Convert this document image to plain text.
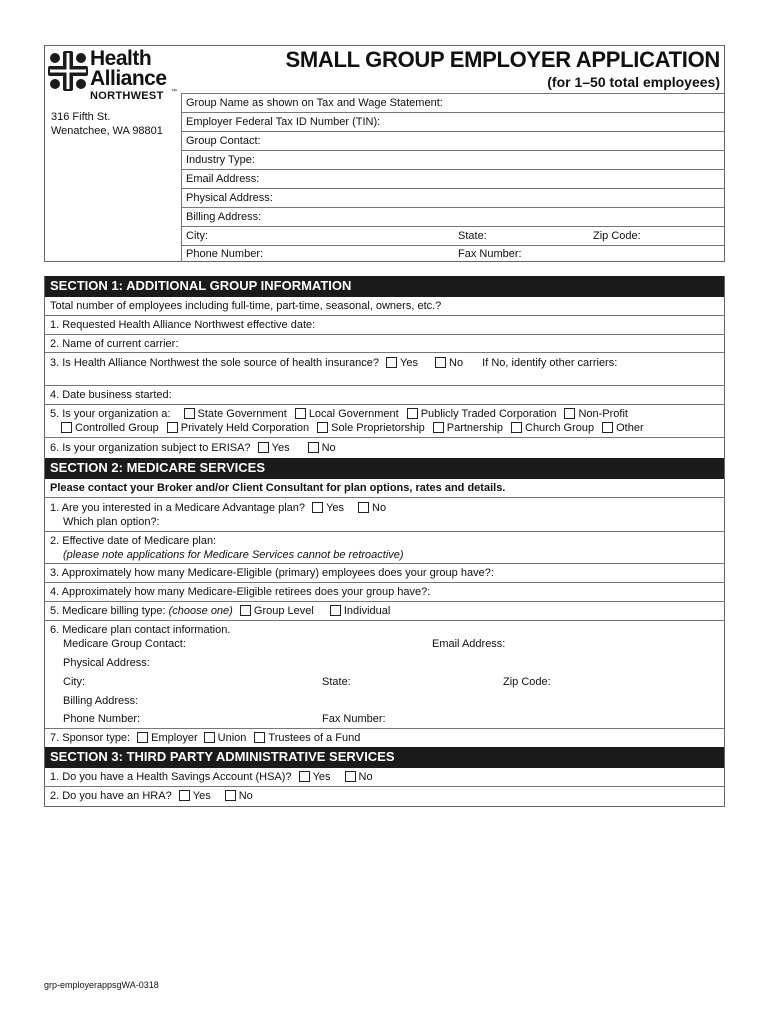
Health
Alliance
NORTHWEST ™
316 Fifth St.
Wenatchee, WA 98801
SMALL GROUP EMPLOYER APPLICATION
(for 1–50 total employees)
Group Name as shown on Tax and Wage Statement:
Employer Federal Tax ID Number (TIN):
Group Contact:
Industry Type:
Email Address:
Physical Address:
Billing Address:
City:	State:	Zip Code:
Phone Number:	Fax Number:
SECTION 1: ADDITIONAL GROUP INFORMATION
Total number of employees including full-time, part-time, seasonal, owners, etc.?
1. Requested Health Alliance Northwest effective date:
2. Name of current carrier:
3. Is Health Alliance Northwest the sole source of health insurance? Yes	No If No, identify other carriers:
4. Date business started:
5. Is your organization a: State Government Local Government Publicly Traded Corporation Non-Profit
Controlled Group Privately Held Corporation Sole Proprietorship Partnership Church Group Other
6. Is your organization subject to ERISA? Yes	No
SECTION 2: MEDICARE SERVICES
Please contact your Broker and/or Client Consultant for plan options, rates and details.
1. Are you interested in a Medicare Advantage plan? Yes	No
Which plan option?:
2. Effective date of Medicare plan:
(please note applications for Medicare Services cannot be retroactive)
3. Approximately how many Medicare-Eligible (primary) employees does your group have?:
4. Approximately how many Medicare-Eligible retirees does your group have?:
5. Medicare billing type: (choose one) Group Level	Individual
6. Medicare plan contact information.
Medicare Group Contact:	Email Address:
Physical Address:
City:	State:	Zip Code:
Billing Address:
Phone Number:	Fax Number:
7. Sponsor type: Employer Union Trustees of a Fund
SECTION 3: THIRD PARTY ADMINISTRATIVE SERVICES
1. Do you have a Health Savings Account (HSA)? Yes	No
2. Do you have an HRA? Yes	No
grp-employerappsgWA-0318
